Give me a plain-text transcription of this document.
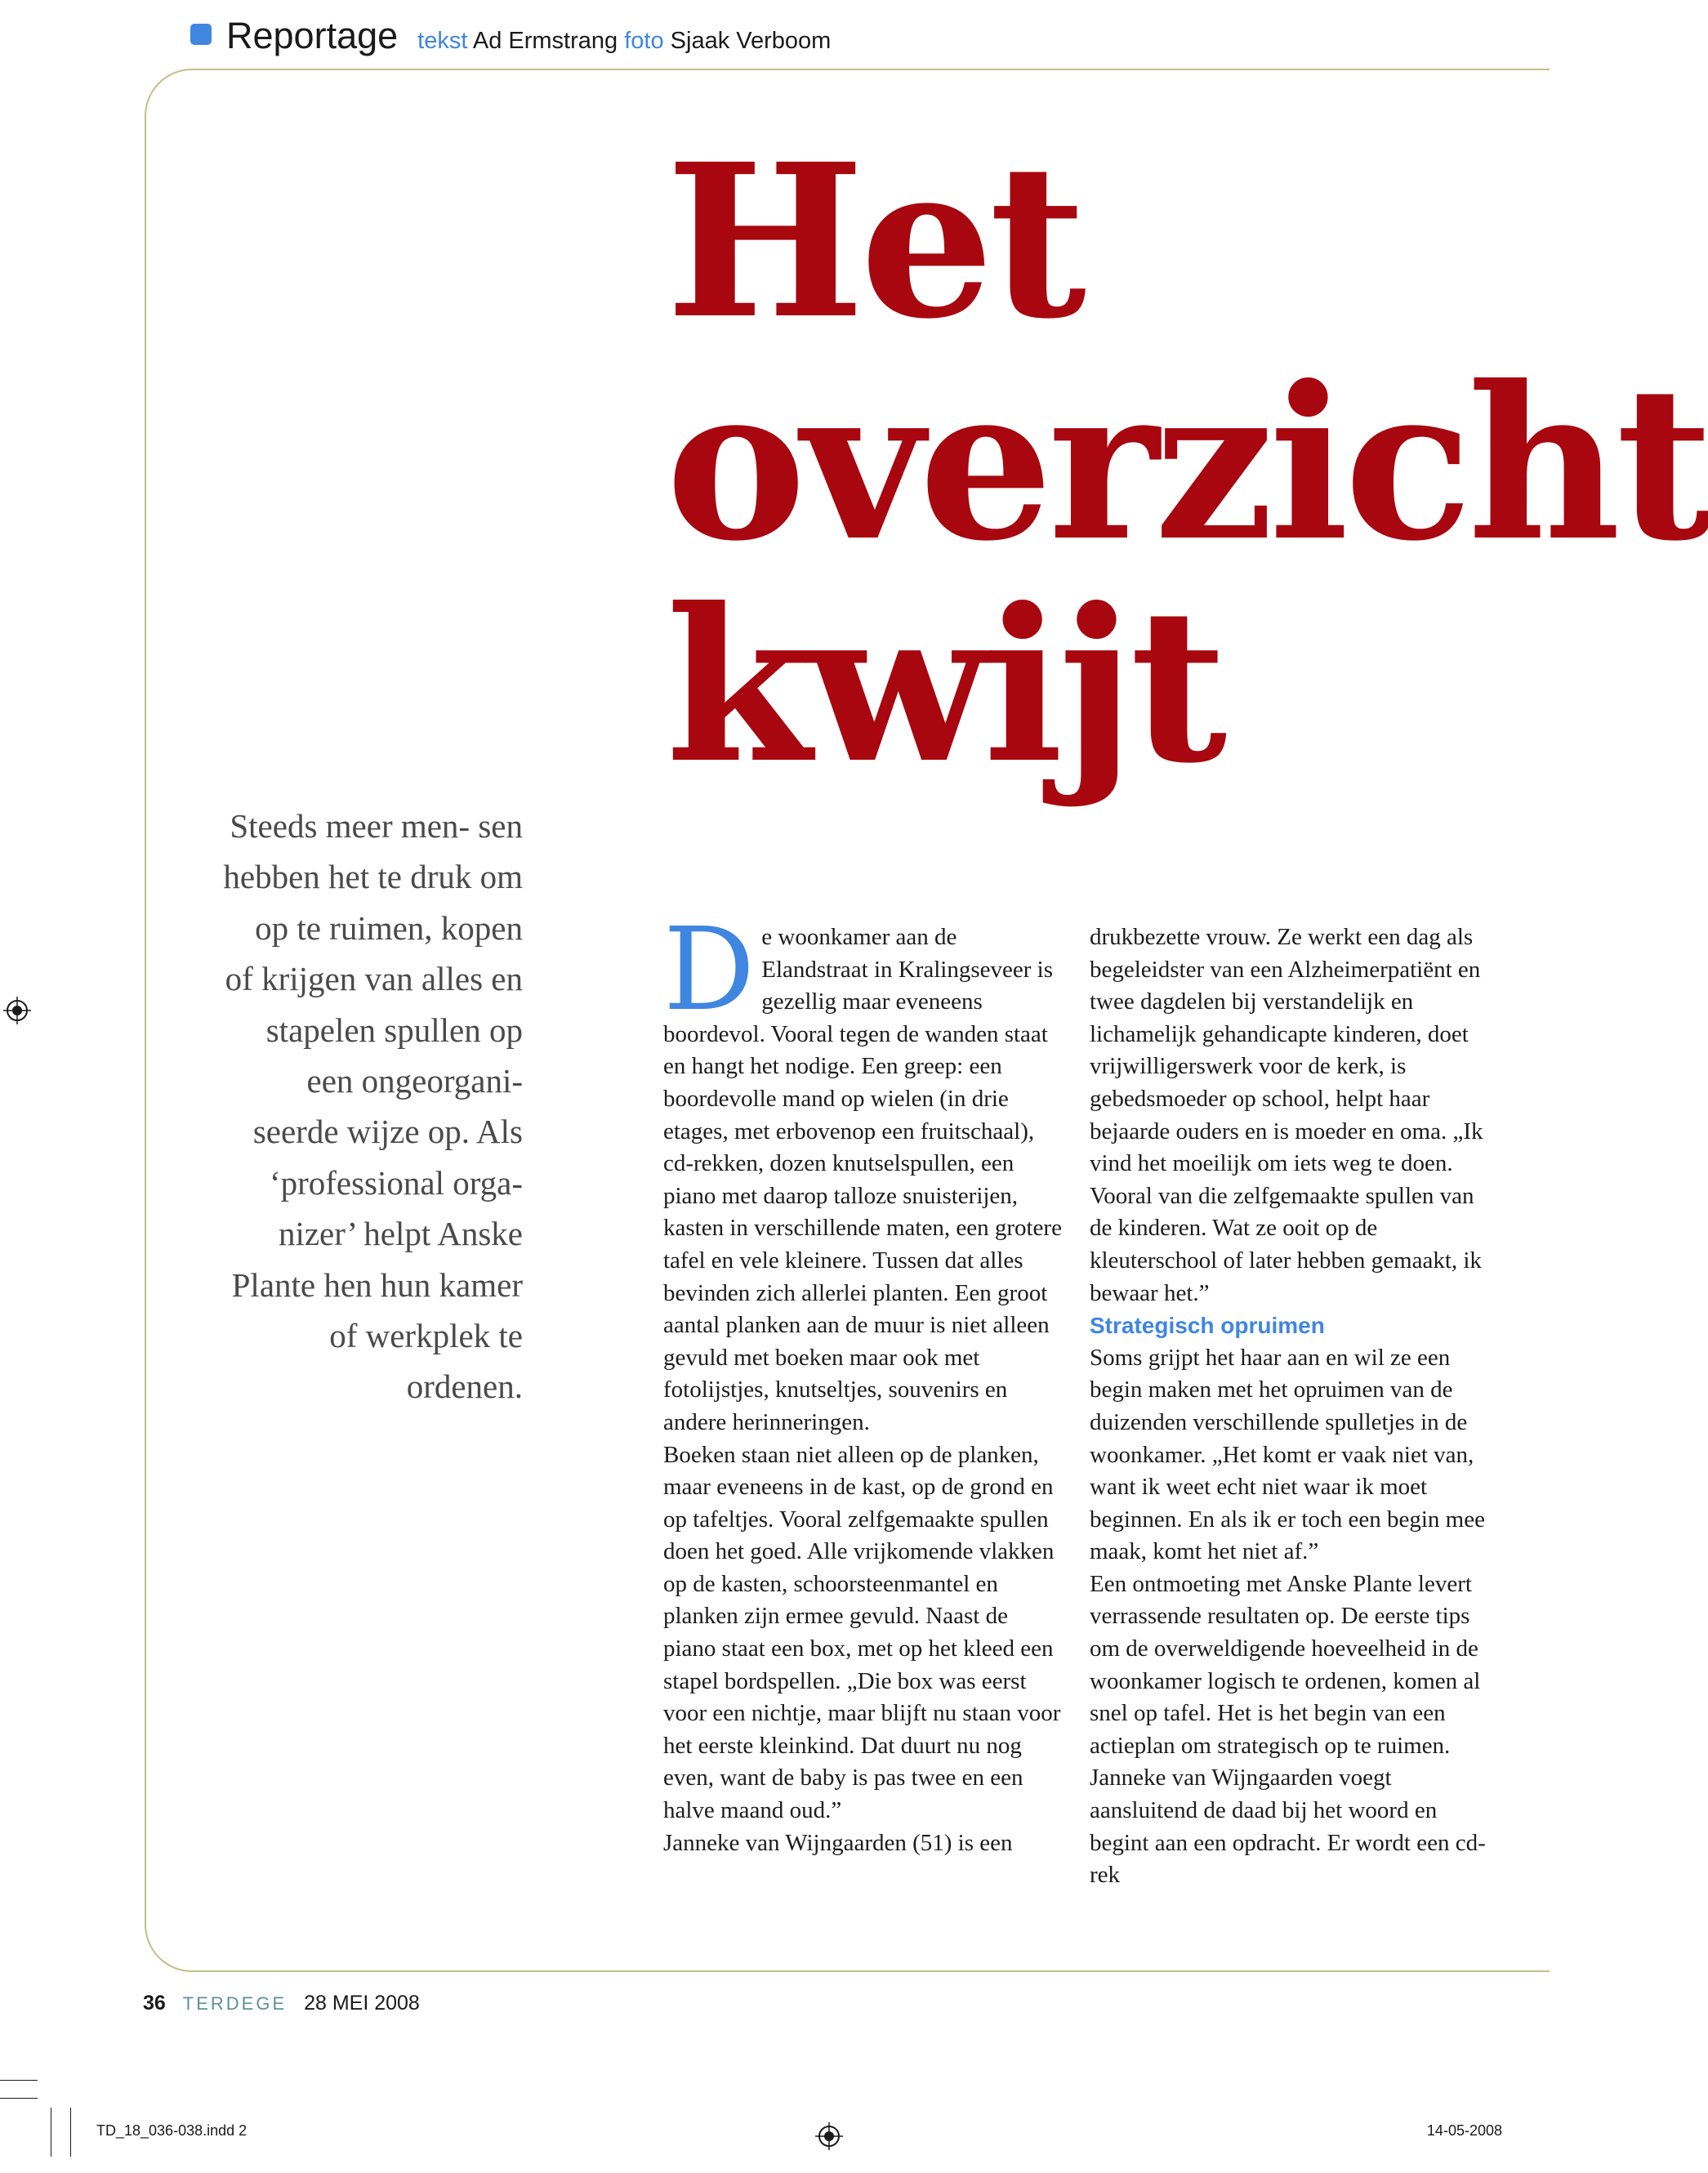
Reportage tekst Ad Ermstrang foto Sjaak Verboom
Het
overzicht
kwijt

Steeds meer men- sen hebben het te druk om op te ruimen, kopen of krijgen van alles en stapelen spullen op een ongeorgani- seerde wijze op. Als ‘professional orga- nizer’ helpt Anske Plante hen hun kamer of werkplek te ordenen.

De woonkamer aan de Elandstraat in Kralingseveer is gezellig maar eveneens boordevol. Vooral tegen de wanden staat en hangt het nodige. Een greep: een boordevolle mand op wielen (in drie etages, met erbovenop een fruitschaal), cd-rekken, dozen knutselspullen, een piano met daarop talloze snuisterijen, kasten in verschillende maten, een grotere tafel en vele kleinere. Tussen dat alles bevinden zich allerlei planten. Een groot aantal planken aan de muur is niet alleen gevuld met boeken maar ook met fotolijstjes, knutseltjes, souvenirs en andere herinneringen.

Boeken staan niet alleen op de planken, maar eveneens in de kast, op de grond en op tafeltjes. Vooral zelfgemaakte spullen doen het goed. Alle vrijkomende vlakken op de kasten, schoorsteenmantel en planken zijn ermee gevuld. Naast de piano staat een box, met op het kleed een stapel bordspellen. „Die box was eerst voor een nichtje, maar blijft nu staan voor het eerste kleinkind. Dat duurt nu nog even, want de baby is pas twee en een halve maand oud.”

Janneke van Wijngaarden (51) is een

drukbezette vrouw. Ze werkt een dag als begeleidster van een Alzheimerpatiënt en twee dagdelen bij verstandelijk en lichamelijk gehandicapte kinderen, doet vrijwilligerswerk voor de kerk, is gebedsmoeder op school, helpt haar bejaarde ouders en is moeder en oma. „Ik vind het moeilijk om iets weg te doen. Vooral van die zelfgemaakte spullen van de kinderen. Wat ze ooit op de kleuterschool of later hebben gemaakt, ik bewaar het.”

Strategisch opruimen

Soms grijpt het haar aan en wil ze een begin maken met het opruimen van de duizenden verschillende spulletjes in de woonkamer. „Het komt er vaak niet van, want ik weet echt niet waar ik moet beginnen. En als ik er toch een begin mee maak, komt het niet af.”

Een ontmoeting met Anske Plante levert verrassende resultaten op. De eerste tips om de overweldigende hoeveelheid in de woonkamer logisch te ordenen, komen al snel op tafel. Het is het begin van een actieplan om strategisch op te ruimen. Janneke van Wijngaarden voegt aansluitend de daad bij het woord en begint aan een opdracht. Er wordt een cd-rek

36 TERDEGE 28 MEI 2008
TD_18_036-038.indd 2	14-05-2008
